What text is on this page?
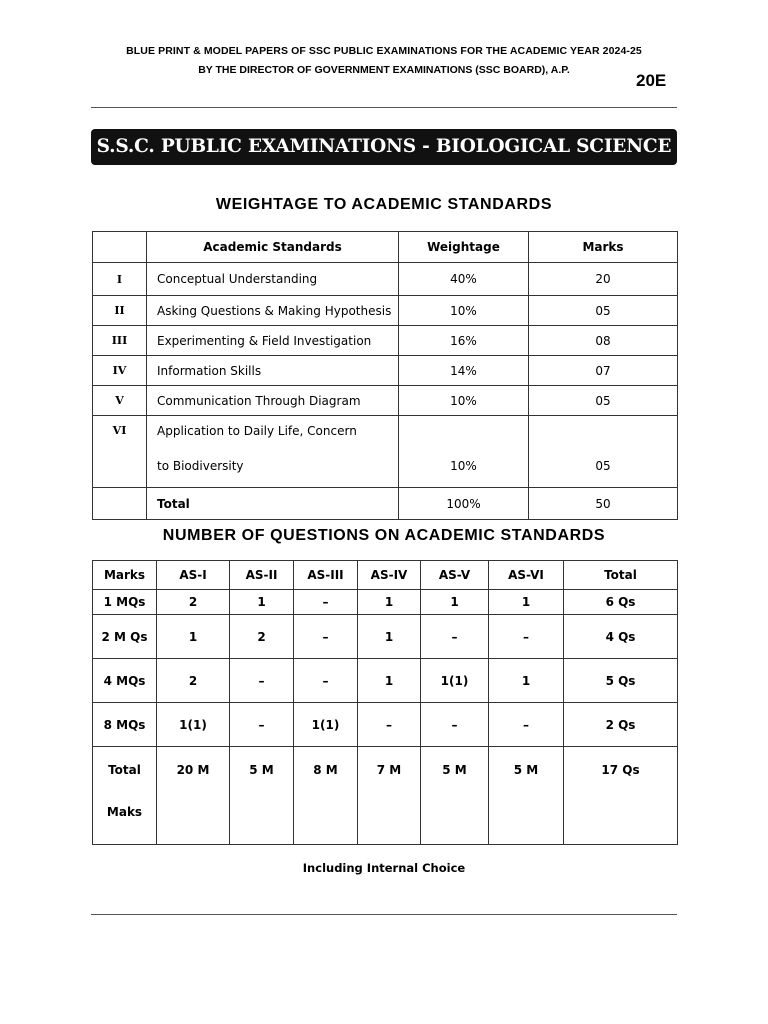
BLUE PRINT & MODEL PAPERS OF SSC PUBLIC EXAMINATIONS FOR THE ACADEMIC YEAR 2024-25
BY THE DIRECTOR OF GOVERNMENT EXAMINATIONS (SSC BOARD), A.P.
20E
S.S.C. PUBLIC EXAMINATIONS - BIOLOGICAL SCIENCE
WEIGHTAGE TO ACADEMIC STANDARDS
	Academic Standards	Weightage	Marks
I	Conceptual Understanding	40%	20
II	Asking Questions & Making Hypothesis	10%	05
III	Experimenting & Field Investigation	16%	08
IV	Information Skills	14%	07
V	Communication Through Diagram	10%	05
VI	Application to Daily Life, Concern		
	to Biodiversity	10%	05
	Total	100%	50
NUMBER OF QUESTIONS ON ACADEMIC STANDARDS
Marks	AS-I	AS-II	AS-III	AS-IV	AS-V	AS-VI	Total
1 MQs	2	1	–	1	1	1	6 Qs
2 M Qs	1	2	–	1	–	–	4 Qs
4 MQs	2	–	–	1	1(1)	1	5 Qs
8 MQs	1(1)	–	1(1)	–	–	–	2 Qs

Total
Maks	20 M	5 M	8 M	7 M	5 M	5 M	17 Qs
Including Internal Choice
